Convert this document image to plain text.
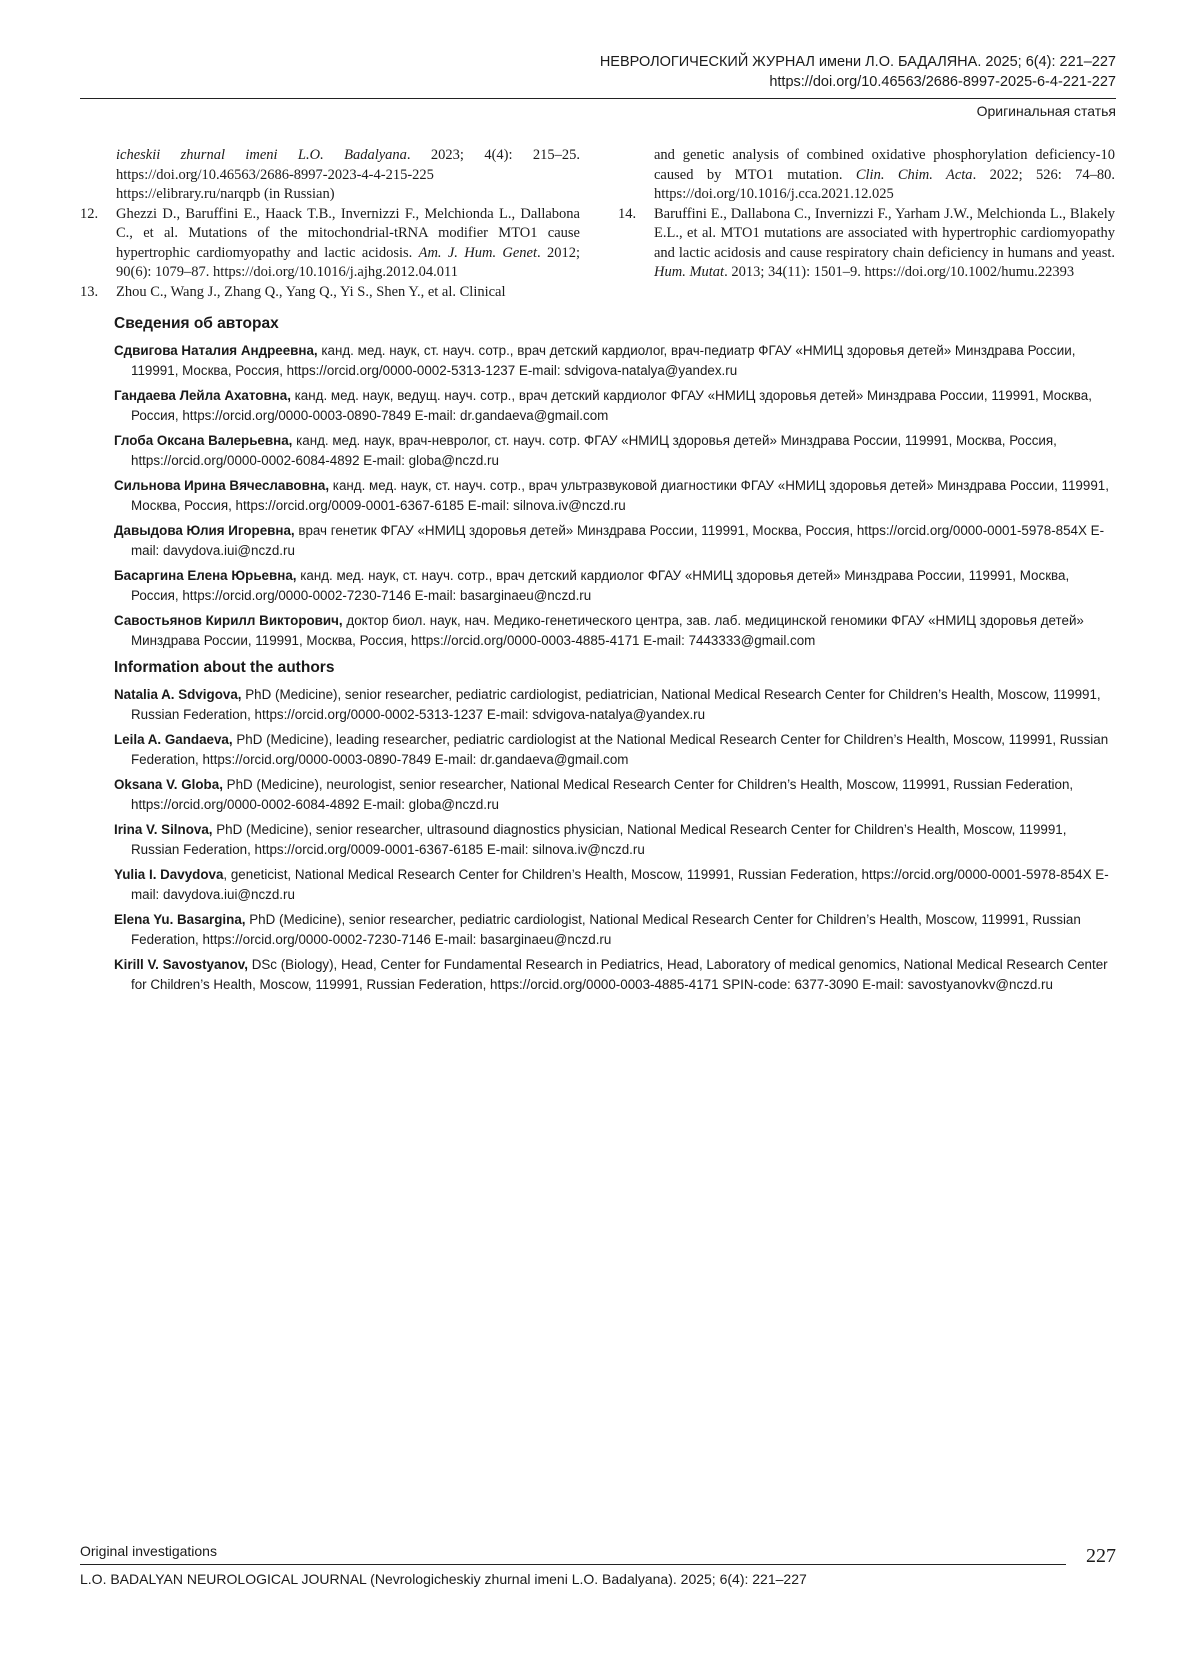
НЕВРОЛОГИЧЕСКИЙ ЖУРНАЛ имени Л.О. БАДАЛЯНА. 2025; 6(4): 221–227
https://doi.org/10.46563/2686-8997-2025-6-4-221-227
Оригинальная статья
icheskii zhurnal imeni L.O. Badalyana. 2023; 4(4): 215–25. https://doi.org/10.46563/2686-8997-2023-4-4-215-225 https://elibrary.ru/narqpb (in Russian)
12.	Ghezzi D., Baruffini E., Haack T.B., Invernizzi F., Melchionda L., Dallabona C., et al. Mutations of the mitochondrial-tRNA modifier MTO1 cause hypertrophic cardiomyopathy and lactic acidosis. Am. J. Hum. Genet. 2012; 90(6): 1079–87. https://doi.org/10.1016/j.ajhg.2012.04.011
13.	Zhou C., Wang J., Zhang Q., Yang Q., Yi S., Shen Y., et al. Clinical
and genetic analysis of combined oxidative phosphorylation deficiency-10 caused by MTO1 mutation. Clin. Chim. Acta. 2022; 526: 74–80. https://doi.org/10.1016/j.cca.2021.12.025
14.	Baruffini E., Dallabona C., Invernizzi F., Yarham J.W., Melchionda L., Blakely E.L., et al. MTO1 mutations are associated with hypertrophic cardiomyopathy and lactic acidosis and cause respiratory chain deficiency in humans and yeast. Hum. Mutat. 2013; 34(11): 1501–9. https://doi.org/10.1002/humu.22393
Сведения об авторах
Сдвигова Наталия Андреевна, канд. мед. наук, ст. науч. сотр., врач детский кардиолог, врач-педиатр ФГАУ «НМИЦ здоровья детей» Минздрава России, 119991, Москва, Россия, https://orcid.org/0000-0002-5313-1237 E-mail: sdvigova-natalya@yandex.ru
Гандаева Лейла Ахатовна, канд. мед. наук, ведущ. науч. сотр., врач детский кардиолог ФГАУ «НМИЦ здоровья детей» Минздрава России, 119991, Москва, Россия, https://orcid.org/0000-0003-0890-7849 E-mail: dr.gandaeva@gmail.com
Глоба Оксана Валерьевна, канд. мед. наук, врач-невролог, ст. науч. сотр. ФГАУ «НМИЦ здоровья детей» Минздрава России, 119991, Москва, Россия, https://orcid.org/0000-0002-6084-4892 E-mail: globa@nczd.ru
Сильнова Ирина Вячеславовна, канд. мед. наук, ст. науч. сотр., врач ультразвуковой диагностики ФГАУ «НМИЦ здоровья детей» Минздрава России, 119991, Москва, Россия, https://orcid.org/0009-0001-6367-6185 E-mail: silnova.iv@nczd.ru
Давыдова Юлия Игоревна, врач генетик ФГАУ «НМИЦ здоровья детей» Минздрава России, 119991, Москва, Россия, https://orcid.org/0000-0001-5978-854X E-mail: davydova.iui@nczd.ru
Басаргина Елена Юрьевна, канд. мед. наук, ст. науч. сотр., врач детский кардиолог ФГАУ «НМИЦ здоровья детей» Минздрава России, 119991, Москва, Россия, https://orcid.org/0000-0002-7230-7146 E-mail: basarginaeu@nczd.ru
Савостьянов Кирилл Викторович, доктор биол. наук, нач. Медико-генетического центра, зав. лаб. медицинской геномики ФГАУ «НМИЦ здоровья детей» Минздрава России, 119991, Москва, Россия, https://orcid.org/0000-0003-4885-4171 E-mail: 7443333@gmail.com
Information about the authors
Natalia A. Sdvigova, PhD (Medicine), senior researcher, pediatric cardiologist, pediatrician, National Medical Research Center for Children’s Health, Moscow, 119991, Russian Federation, https://orcid.org/0000-0002-5313-1237 E-mail: sdvigova-natalya@yandex.ru
Leila A. Gandaeva, PhD (Medicine), leading researcher, pediatric cardiologist at the National Medical Research Center for Children’s Health, Moscow, 119991, Russian Federation, https://orcid.org/0000-0003-0890-7849 E-mail: dr.gandaeva@gmail.com
Oksana V. Globa, PhD (Medicine), neurologist, senior researcher, National Medical Research Center for Children’s Health, Moscow, 119991, Russian Federation, https://orcid.org/0000-0002-6084-4892 E-mail: globa@nczd.ru
Irina V. Silnova, PhD (Medicine), senior researcher, ultrasound diagnostics physician, National Medical Research Center for Children’s Health, Moscow, 119991, Russian Federation, https://orcid.org/0009-0001-6367-6185 E-mail: silnova.iv@nczd.ru
Yulia I. Davydova, geneticist, National Medical Research Center for Children’s Health, Moscow, 119991, Russian Federation, https://orcid.org/0000-0001-5978-854X E-mail: davydova.iui@nczd.ru
Elena Yu. Basargina, PhD (Medicine), senior researcher, pediatric cardiologist, National Medical Research Center for Children’s Health, Moscow, 119991, Russian Federation, https://orcid.org/0000-0002-7230-7146 E-mail: basarginaeu@nczd.ru
Kirill V. Savostyanov, DSc (Biology), Head, Center for Fundamental Research in Pediatrics, Head, Laboratory of medical genomics, National Medical Research Center for Children’s Health, Moscow, 119991, Russian Federation, https://orcid.org/0000-0003-4885-4171 SPIN-code: 6377-3090 E-mail: savostyanovkv@nczd.ru
Original investigations	227
L.O. BADALYAN NEUROLOGICAL JOURNAL (Nevrologicheskiy zhurnal imeni L.O. Badalyana). 2025; 6(4): 221–227
